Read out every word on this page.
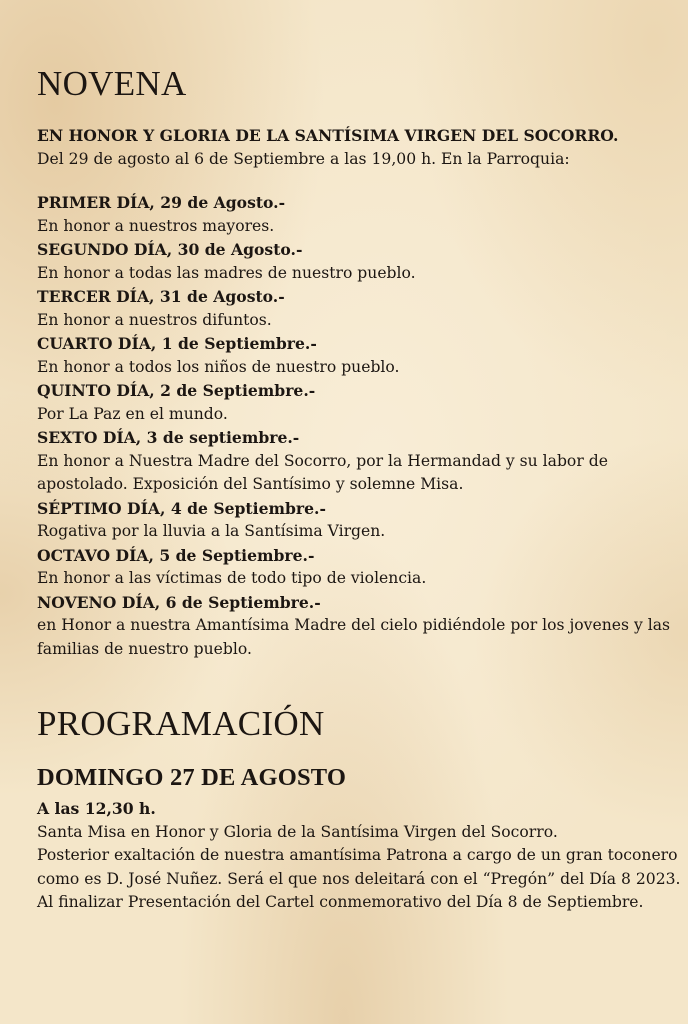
NOVENA
EN HONOR Y GLORIA DE LA SANTÍSIMA VIRGEN DEL SOCORRO.
Del 29 de agosto al 6 de Septiembre a las 19,00 h. En la Parroquia:
PRIMER DÍA, 29 de Agosto.-
En honor a nuestros mayores.
SEGUNDO DÍA, 30 de Agosto.-
En honor a todas las madres de nuestro pueblo.
TERCER DÍA, 31 de Agosto.-
En honor a nuestros difuntos.
CUARTO DÍA, 1 de Septiembre.-
En honor a todos los niños de nuestro pueblo.
QUINTO DÍA, 2 de Septiembre.-
Por La Paz en el mundo.
SEXTO DÍA, 3 de septiembre.-
En honor a Nuestra Madre del Socorro, por la Hermandad y su labor de
apostolado. Exposición del Santísimo y solemne Misa.
SÉPTIMO DÍA, 4 de Septiembre.-
Rogativa por la lluvia a la Santísima Virgen.
OCTAVO DÍA, 5 de Septiembre.-
En honor a las víctimas de todo tipo de violencia.
NOVENO DÍA, 6 de Septiembre.-
en Honor a nuestra Amantísima Madre del cielo pidiéndole por los jovenes y las
familias de nuestro pueblo.
PROGRAMACIÓN
DOMINGO 27 DE AGOSTO
A las 12,30 h.
Santa Misa en Honor y Gloria de la Santísima Virgen del Socorro.
Posterior exaltación de nuestra amantísima Patrona a cargo de un gran toconero
como es D. José Nuñez. Será el que nos deleitará con el “Pregón” del Día 8 2023.
Al finalizar Presentación del Cartel conmemorativo del Día 8 de Septiembre.
